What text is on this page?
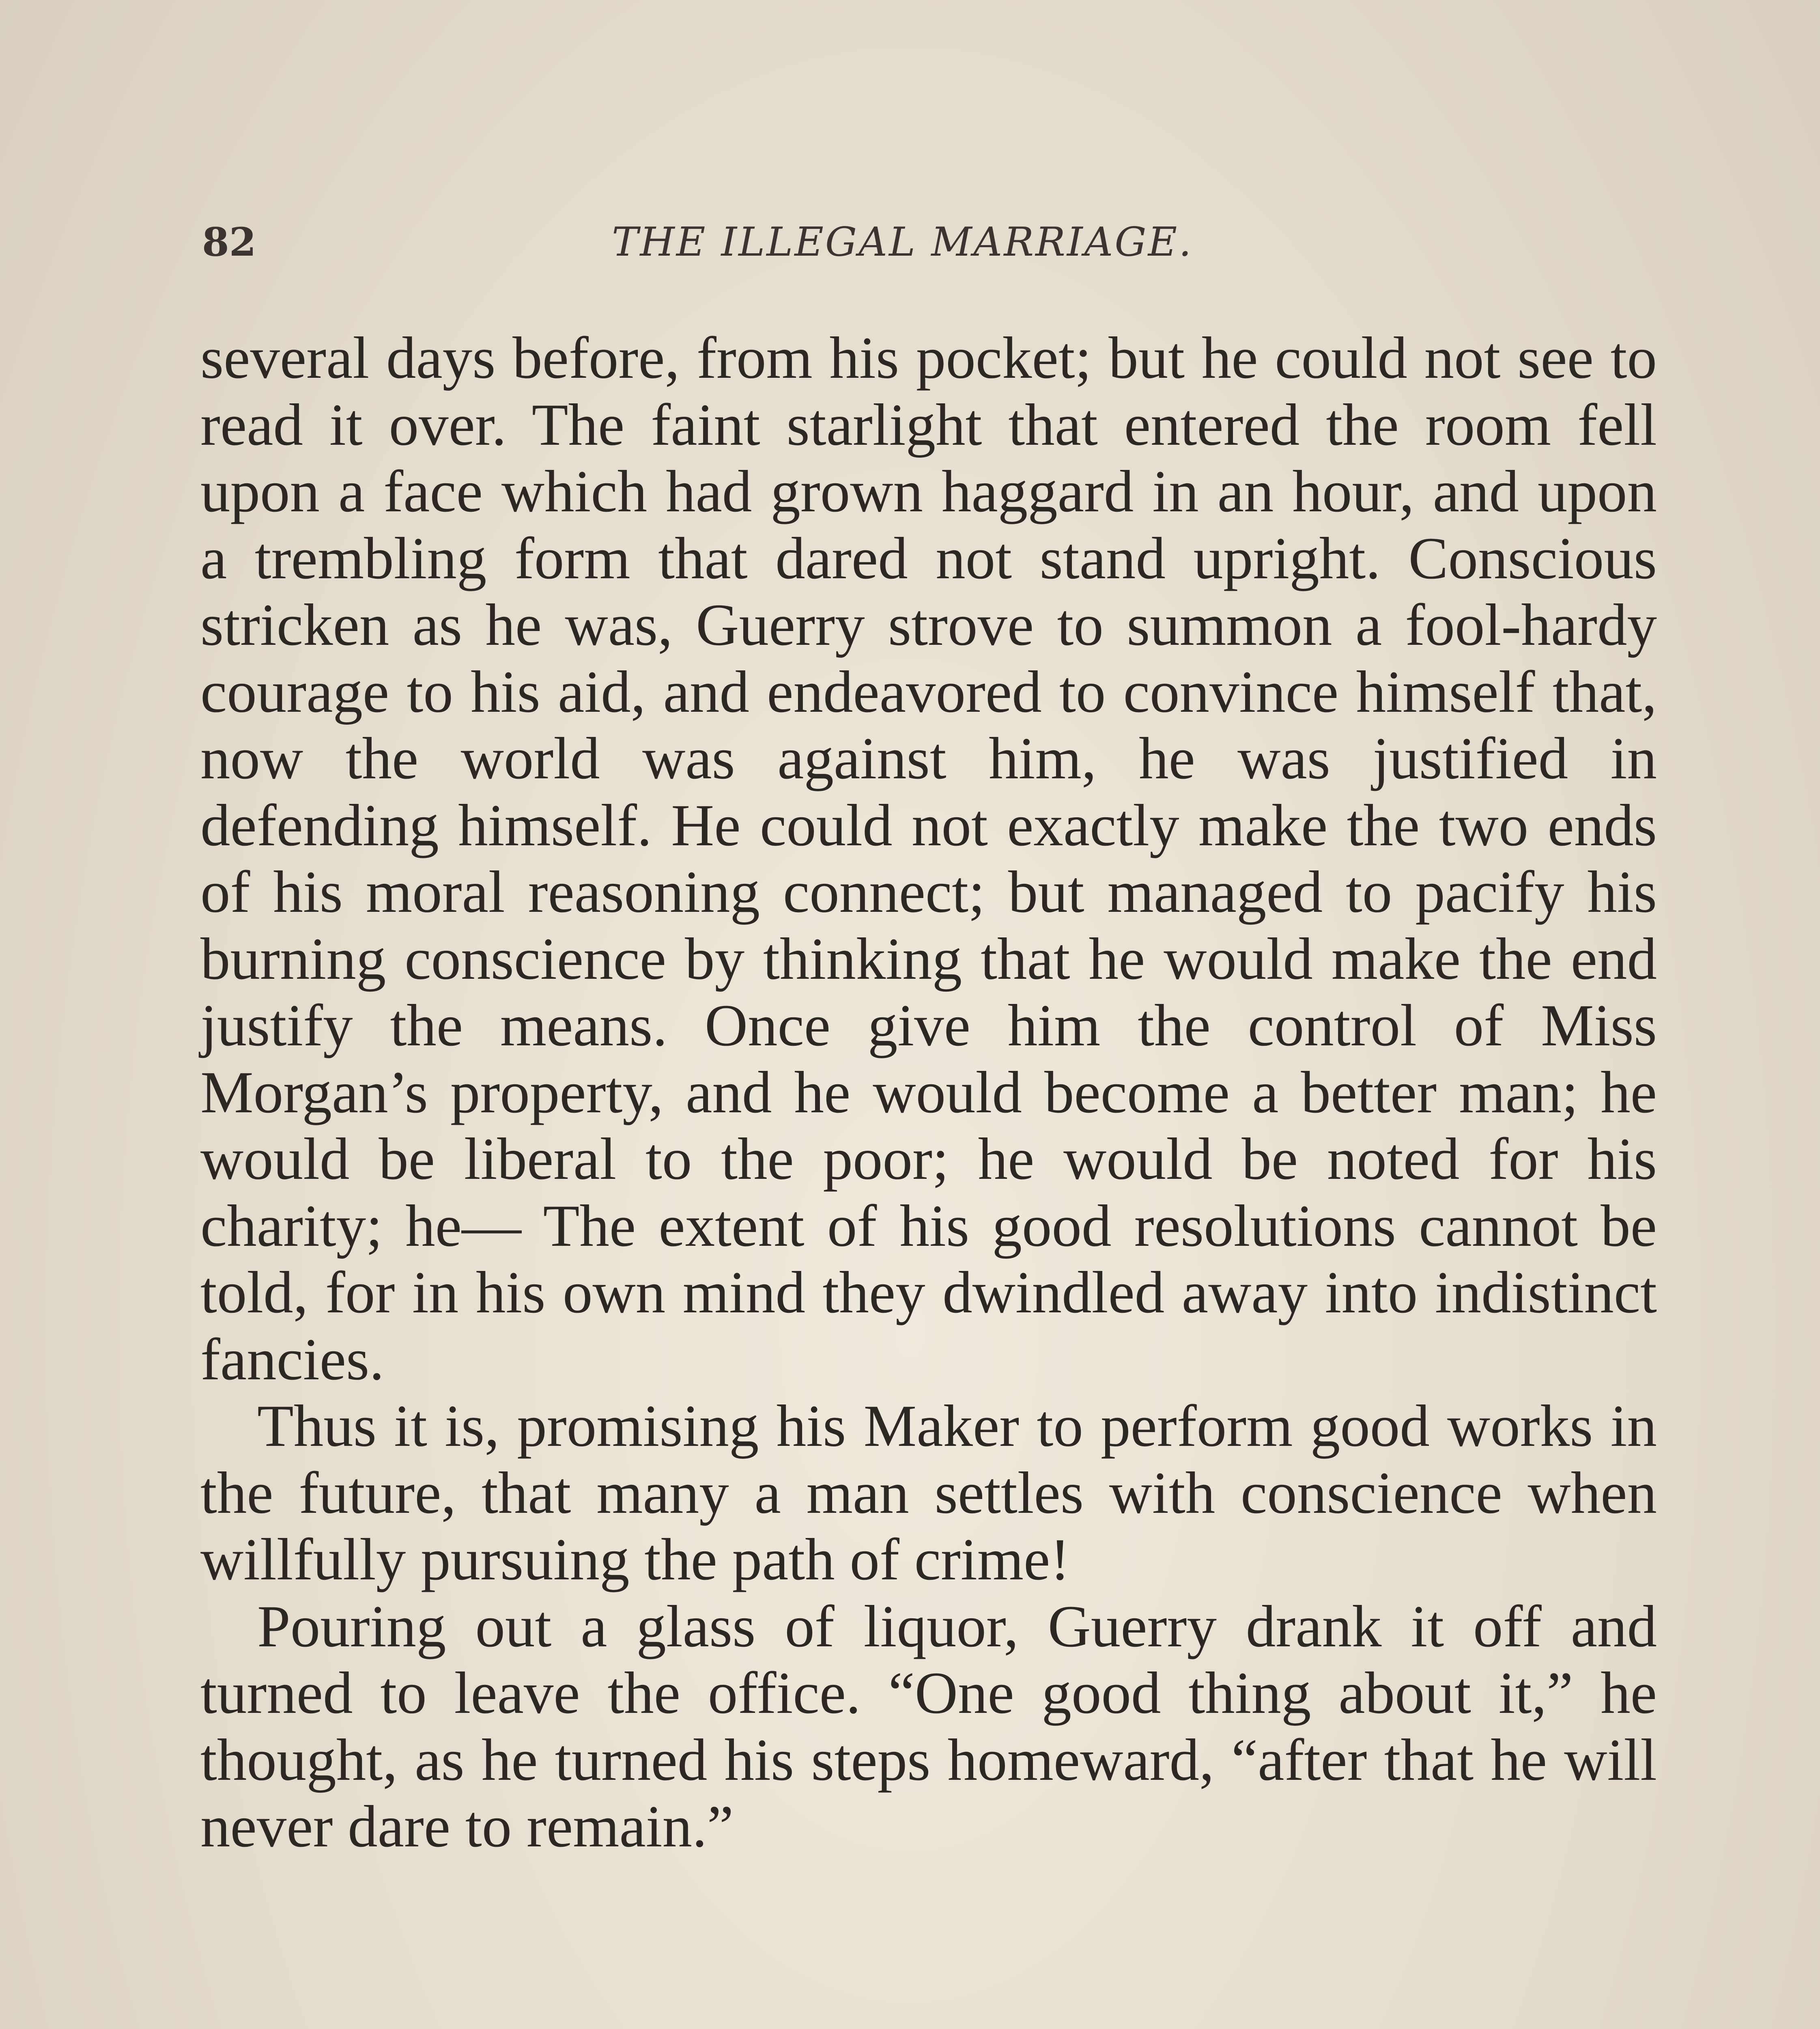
82	THE ILLEGAL MARRIAGE.

several days before, from his pocket; but he could not see to read it over. The faint starlight that entered the room fell upon a face which had grown haggard in an hour, and upon a trembling form that dared not stand upright. Conscious stricken as he was, Guerry strove to summon a fool-hardy courage to his aid, and endeavored to convince himself that, now the world was against him, he was justified in defending himself. He could not exactly make the two ends of his moral reasoning connect; but managed to pacify his burning conscience by thinking that he would make the end justify the means. Once give him the control of Miss Morgan’s property, and he would become a better man; he would be liberal to the poor; he would be noted for his charity; he— The extent of his good resolutions cannot be told, for in his own mind they dwindled away into indistinct fancies.

Thus it is, promising his Maker to perform good works in the future, that many a man settles with conscience when willfully pursuing the path of crime!

Pouring out a glass of liquor, Guerry drank it off and turned to leave the office. “One good thing about it,” he thought, as he turned his steps homeward, “after that he will never dare to remain.”
